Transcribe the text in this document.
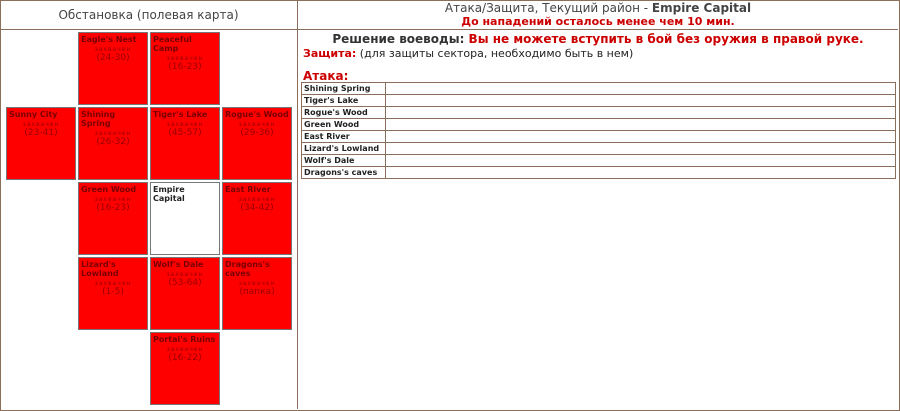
Обстановка (полевая карта)	Атака/Защита, Текущий район - Empire Capital
До нападений осталось менее чем 10 мин.
Eagle's Nest
захвачен
(24-30)
Peaceful Camp
захвачен
(16-23)
Sunny City
захвачен
(23-41)
Shining Spring
захвачен
(26-32)
Tiger's Lake
захвачен
(45-57)
Rogue's Wood
захвачен
(29-36)
Green Wood
захвачен
(16-23)
Empire Capital
East River
захвачен
(34-42)
Lizard's Lowland
захвачен
(1-5)
Wolf's Dale
захвачен
(53-64)
Dragons's caves
захвачен
(папка)
Portal's Ruins
захвачен
(16-22)
Решение воеводы: Вы не можете вступить в бой без оружия в правой руке.
Защита: (для защиты сектора, необходимо быть в нем)
Атака:
Shining Spring	
Tiger's Lake	
Rogue's Wood	
Green Wood	
East River	
Lizard's Lowland	
Wolf's Dale	
Dragons's caves	
